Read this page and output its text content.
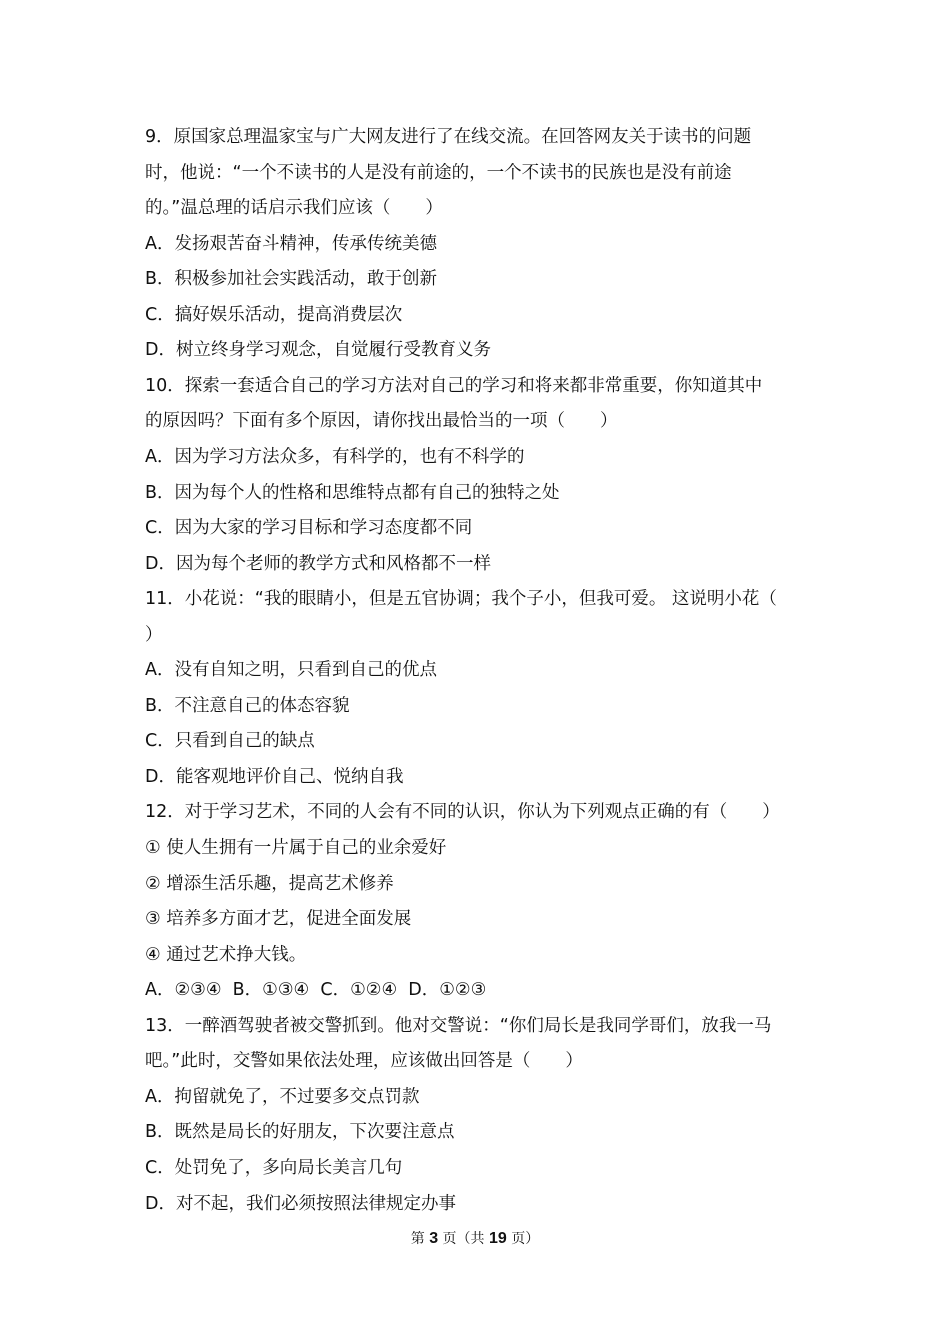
9．原国家总理温家宝与广大网友进行了在线交流。在回答网友关于读书的问题
时，他说：“一个不读书的人是没有前途的，一个不读书的民族也是没有前途
的。”温总理的话启示我们应该（　　）
A．发扬艰苦奋斗精神，传承传统美德
B．积极参加社会实践活动，敢于创新
C．搞好娱乐活动，提高消费层次
D．树立终身学习观念，自觉履行受教育义务
10．探索一套适合自己的学习方法对自己的学习和将来都非常重要，你知道其中
的原因吗？下面有多个原因，请你找出最恰当的一项（　　）
A．因为学习方法众多，有科学的，也有不科学的
B．因为每个人的性格和思维特点都有自己的独特之处
C．因为大家的学习目标和学习态度都不同
D．因为每个老师的教学方式和风格都不一样
11．小花说：“我的眼睛小，但是五官协调；我个子小，但我可爱。 这说明小花（
）
A．没有自知之明，只看到自己的优点
B．不注意自己的体态容貌
C．只看到自己的缺点
D．能客观地评价自己、悦纳自我
12．对于学习艺术，不同的人会有不同的认识，你认为下列观点正确的有（　　）
① 使人生拥有一片属于自己的业余爱好
② 增添生活乐趣，提高艺术修养
③ 培养多方面才艺，促进全面发展
④ 通过艺术挣大钱。
A．②③④  B．①③④  C．①②④  D．①②③
13．一醉酒驾驶者被交警抓到。他对交警说：“你们局长是我同学哥们，放我一马
吧。”此时，交警如果依法处理，应该做出回答是（　　）
A．拘留就免了，不过要多交点罚款
B．既然是局长的好朋友，下次要注意点
C．处罚免了，多向局长美言几句
D．对不起，我们必须按照法律规定办事
第 3 页（共 19 页）
